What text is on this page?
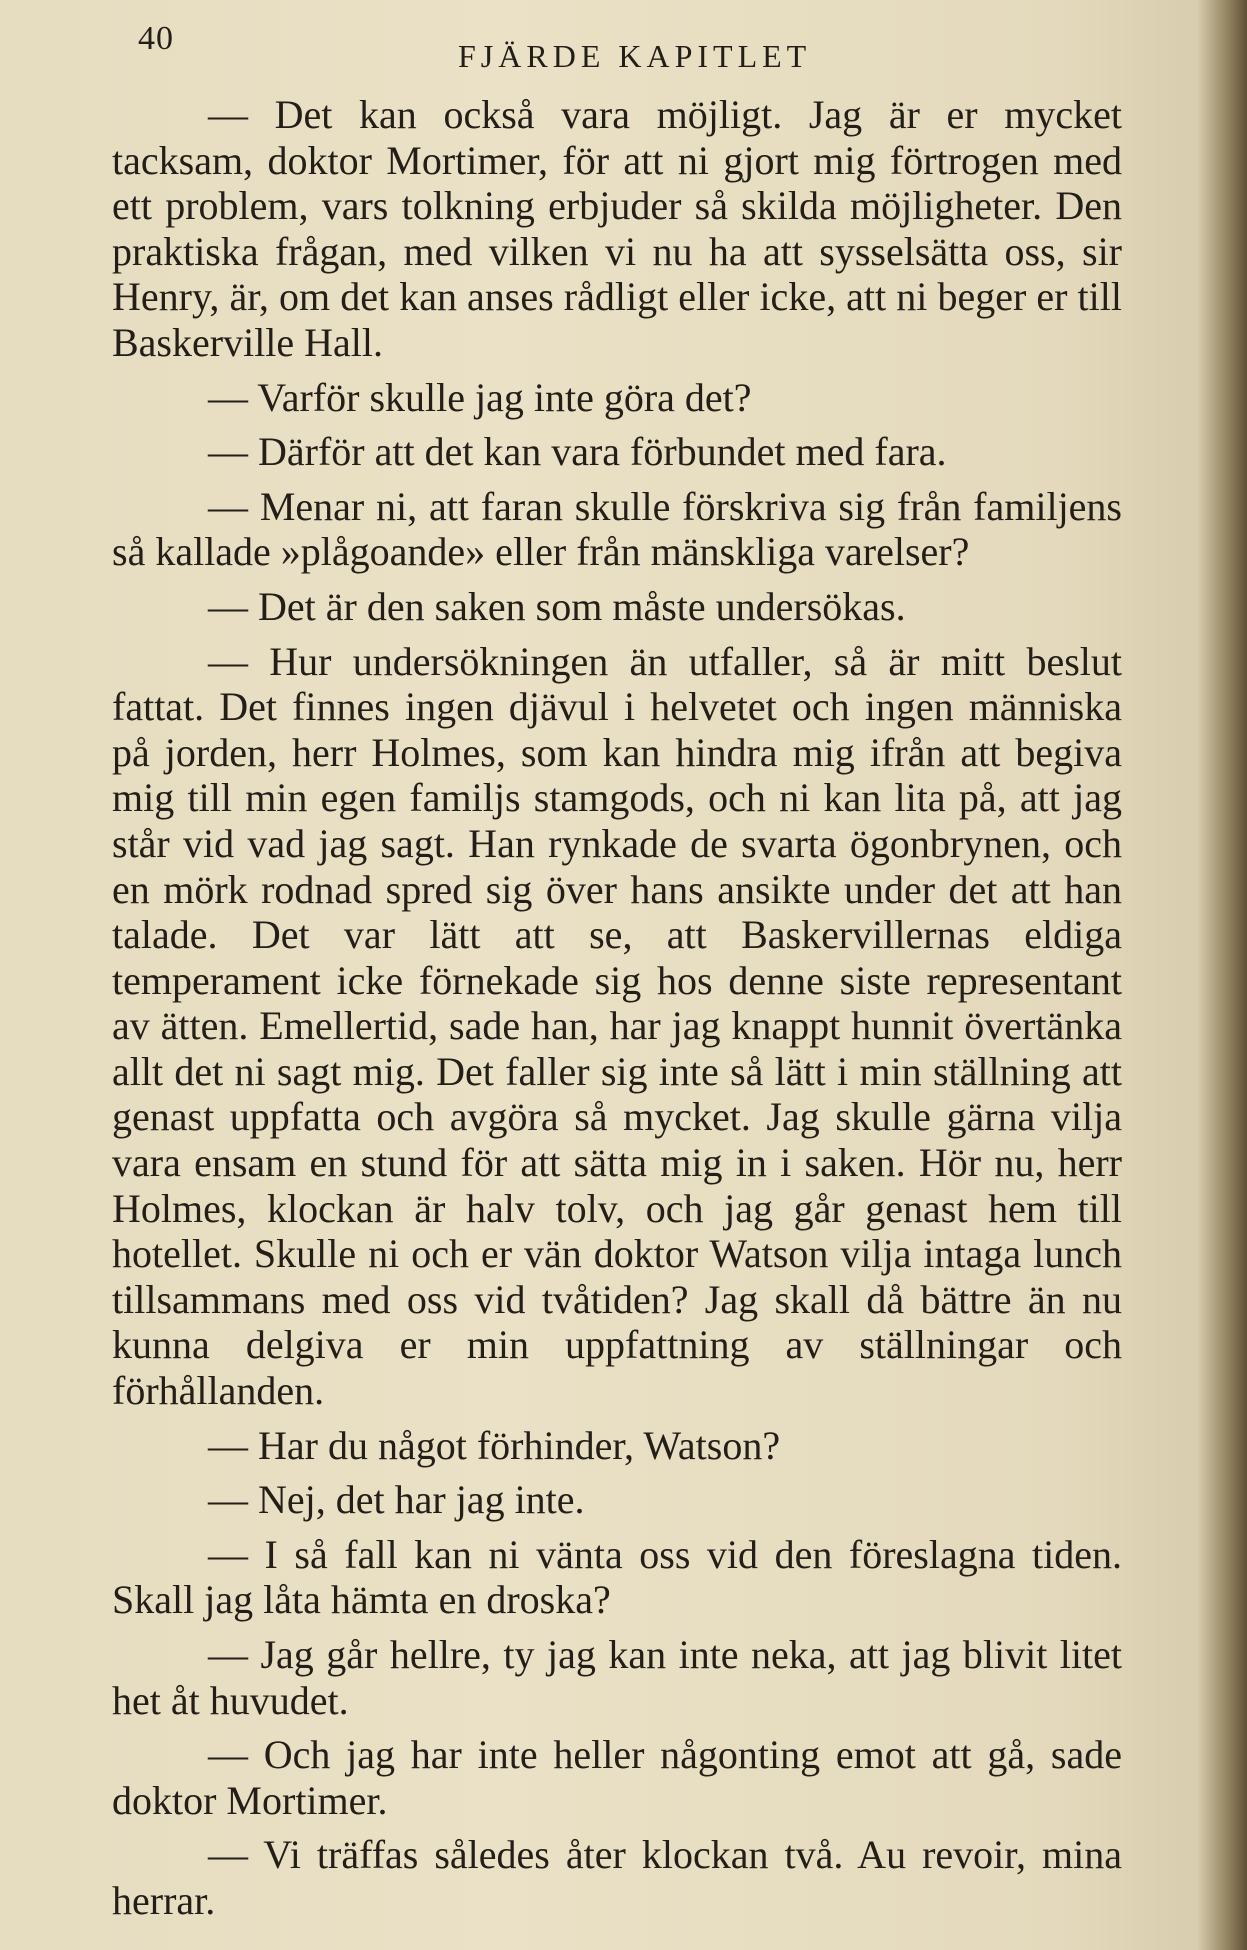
40	FJÄRDE KAPITLET

— Det kan också vara möjligt. Jag är er mycket tacksam, doktor Mortimer, för att ni gjort mig förtrogen med ett problem, vars tolkning erbjuder så skilda möjligheter. Den praktiska frågan, med vilken vi nu ha att sysselsätta oss, sir Henry, är, om det kan anses rådligt eller icke, att ni beger er till Baskerville Hall.

— Varför skulle jag inte göra det?

— Därför att det kan vara förbundet med fara.

— Menar ni, att faran skulle förskriva sig från familjens så kallade »plågoande» eller från mänskliga varelser?

— Det är den saken som måste undersökas.

— Hur undersökningen än utfaller, så är mitt beslut fattat. Det finnes ingen djävul i helvetet och ingen människa på jorden, herr Holmes, som kan hindra mig ifrån att begiva mig till min egen familjs stamgods, och ni kan lita på, att jag står vid vad jag sagt. Han rynkade de svarta ögonbrynen, och en mörk rodnad spred sig över hans ansikte under det att han talade. Det var lätt att se, att Baskervillernas eldiga temperament icke förnekade sig hos denne siste representant av ätten. Emellertid, sade han, har jag knappt hunnit övertänka allt det ni sagt mig. Det faller sig inte så lätt i min ställning att genast uppfatta och avgöra så mycket. Jag skulle gärna vilja vara ensam en stund för att sätta mig in i saken. Hör nu, herr Holmes, klockan är halv tolv, och jag går genast hem till hotellet. Skulle ni och er vän doktor Watson vilja intaga lunch tillsammans med oss vid tvåtiden? Jag skall då bättre än nu kunna delgiva er min uppfattning av ställningar och förhållanden.

— Har du något förhinder, Watson?

— Nej, det har jag inte.

— I så fall kan ni vänta oss vid den föreslagna tiden. Skall jag låta hämta en droska?

— Jag går hellre, ty jag kan inte neka, att jag blivit litet het åt huvudet.

— Och jag har inte heller någonting emot att gå, sade doktor Mortimer.

— Vi träffas således åter klockan två. Au revoir, mina herrar.
